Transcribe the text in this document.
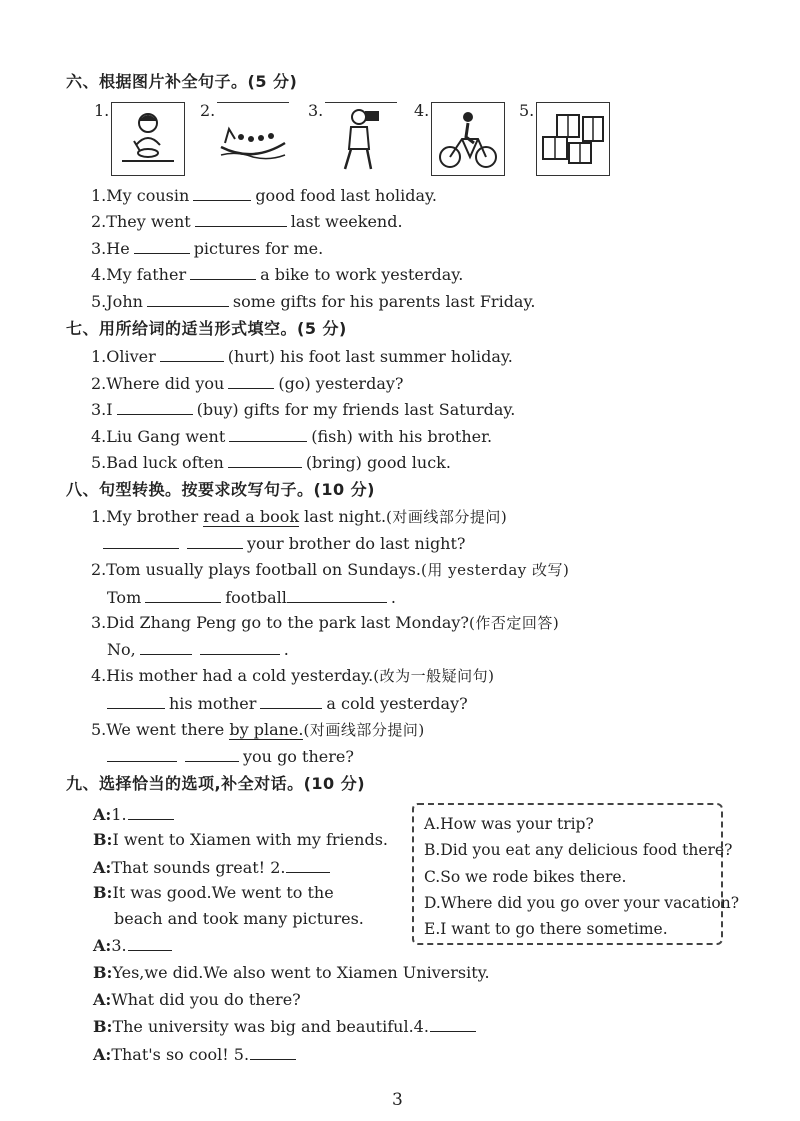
六、根据图片补全句子。(5 分)
1.	2.	3.	4.	5.
1.My cousin	good food last holiday.
2.They went	last weekend.
3.He	pictures for me.
4.My father	a bike to work yesterday.
5.John	some gifts for his parents last Friday.
七、用所给词的适当形式填空。(5 分)
1.Oliver	(hurt) his foot last summer holiday.
2.Where did you	(go) yesterday?
3.I	(buy) gifts for my friends last Saturday.
4.Liu Gang went	(fish) with his brother.
5.Bad luck often	(bring) good luck.
八、句型转换。按要求改写句子。(10 分)
1.My brother read a book last night.(对画线部分提问)
your brother do last night?
2.Tom usually plays football on Sundays.(用 yesterday 改写)
Tom	football	.
3.Did Zhang Peng go to the park last Monday?(作否定回答)
No,	.
4.His mother had a cold yesterday.(改为一般疑问句)
his mother	a cold yesterday?
5.We went there by plane.(对画线部分提问)
you go there?
九、选择恰当的选项,补全对话。(10 分)
A:1.
B:I went to Xiamen with my friends.
A:That sounds great! 2.
B:It was good.We went to the
beach and took many pictures.
A:3.
B:Yes,we did.We also went to Xiamen University.
A:What did you do there?
B:The university was big and beautiful.4.
A:That's so cool! 5.
A.How was your trip?
B.Did you eat any delicious food there?
C.So we rode bikes there.
D.Where did you go over your vacation?
E.I want to go there sometime.
3
